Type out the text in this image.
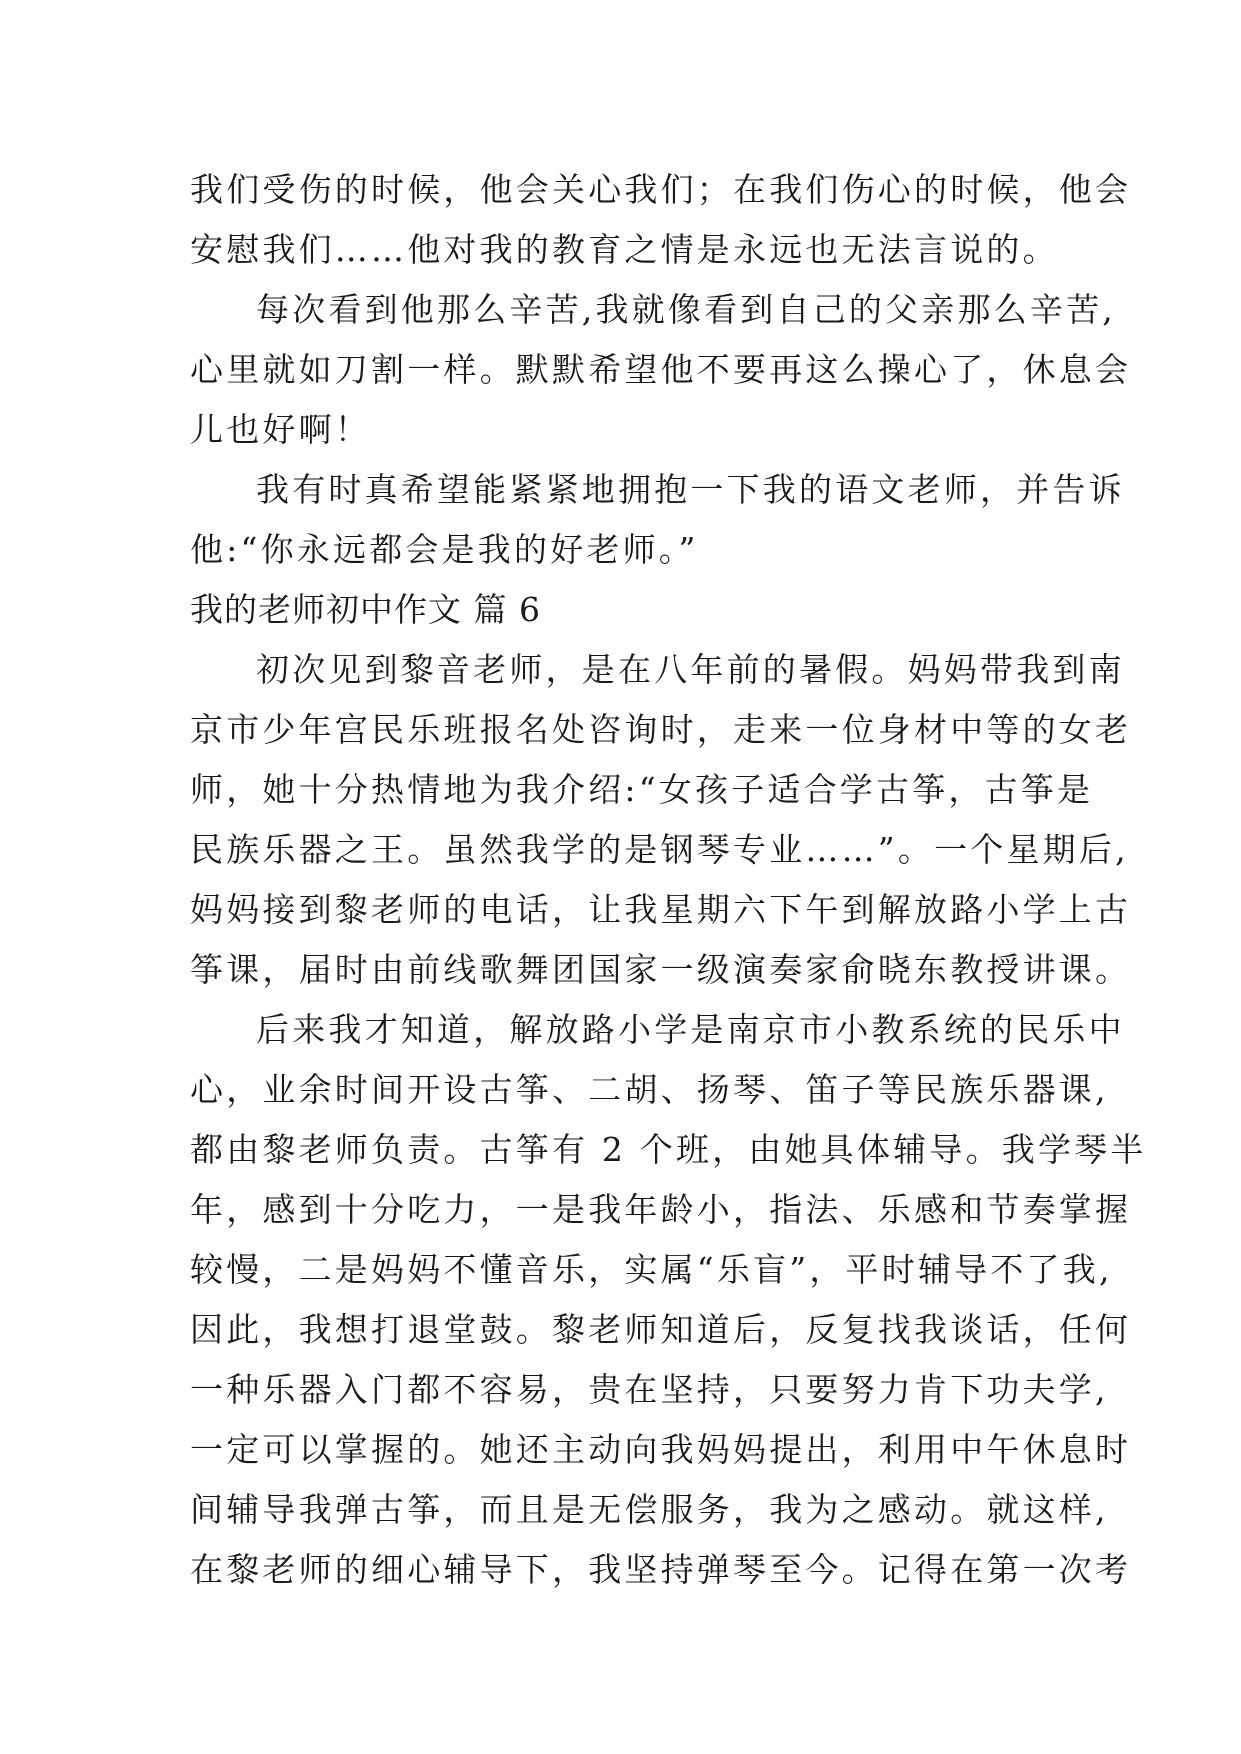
我们受伤的时候，他会关心我们；在我们伤心的时候，他会
安慰我们……他对我的教育之情是永远也无法言说的。
每次看到他那么辛苦,我就像看到自己的父亲那么辛苦,
心里就如刀割一样。默默希望他不要再这么操心了，休息会
儿也好啊！
我有时真希望能紧紧地拥抱一下我的语文老师，并告诉
他:“你永远都会是我的好老师。”
我的老师初中作文 篇 6
初次见到黎音老师，是在八年前的暑假。妈妈带我到南
京市少年宫民乐班报名处咨询时，走来一位身材中等的女老
师，她十分热情地为我介绍:“女孩子适合学古筝，古筝是
民族乐器之王。虽然我学的是钢琴专业……”。一个星期后,
妈妈接到黎老师的电话，让我星期六下午到解放路小学上古
筝课，届时由前线歌舞团国家一级演奏家俞晓东教授讲课。
后来我才知道，解放路小学是南京市小教系统的民乐中
心，业余时间开设古筝、二胡、扬琴、笛子等民族乐器课,
都由黎老师负责。古筝有 2 个班，由她具体辅导。我学琴半
年，感到十分吃力，一是我年龄小，指法、乐感和节奏掌握
较慢，二是妈妈不懂音乐，实属“乐盲”，平时辅导不了我,
因此，我想打退堂鼓。黎老师知道后，反复找我谈话，任何
一种乐器入门都不容易，贵在坚持，只要努力肯下功夫学,
一定可以掌握的。她还主动向我妈妈提出，利用中午休息时
间辅导我弹古筝，而且是无偿服务，我为之感动。就这样,
在黎老师的细心辅导下，我坚持弹琴至今。记得在第一次考
